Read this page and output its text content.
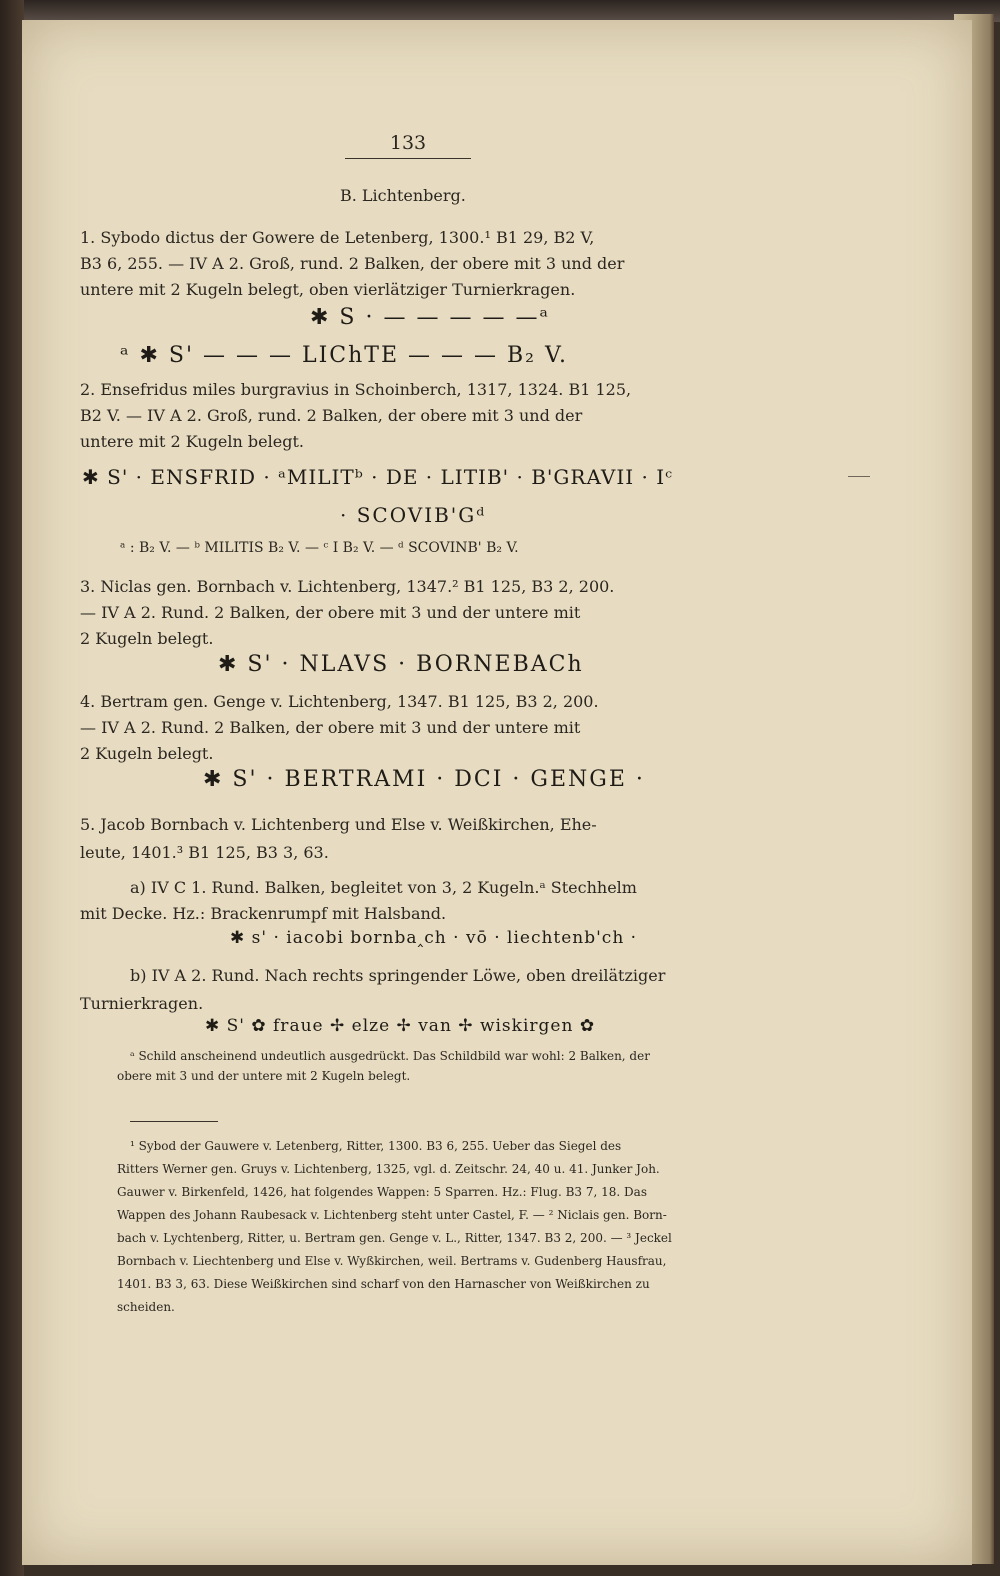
133
B. Lichtenberg.
1. Sybodo dictus der Gowere de Letenberg, 1300.¹ B1 29, B2 V,
B3 6, 255. — IV A 2. Groß, rund. 2 Balken, der obere mit 3 und der
untere mit 2 Kugeln belegt, oben vierlätziger Turnierkragen.
✱ S · — — — — —ᵃ
ᵃ ✱ S' — — — LIChTE — — — B₂ V.
2. Ensefridus miles burgravius in Schoinberch, 1317, 1324. B1 125,
B2 V. — IV A 2. Groß, rund. 2 Balken, der obere mit 3 und der
untere mit 2 Kugeln belegt.
✱ S' · ENSFRID · ᵃMILITᵇ · DE · LITIB' · B'GRAVII · Iᶜ
· SCOVIB'Gᵈ
ᵃ : B₂ V. — ᵇ MILITIS B₂ V. — ᶜ I B₂ V. — ᵈ SCOVINB' B₂ V.
3. Niclas gen. Bornbach v. Lichtenberg, 1347.² B1 125, B3 2, 200.
— IV A 2. Rund. 2 Balken, der obere mit 3 und der untere mit
2 Kugeln belegt.
✱ S' · NLAVS · BORNEBACh
4. Bertram gen. Genge v. Lichtenberg, 1347. B1 125, B3 2, 200.
— IV A 2. Rund. 2 Balken, der obere mit 3 und der untere mit
2 Kugeln belegt.
✱ S' · BERTRAMI · DCI · GENGE ·
5. Jacob Bornbach v. Lichtenberg und Else v. Weißkirchen, Ehe-
leute, 1401.³ B1 125, B3 3, 63.
a) IV C 1. Rund. Balken, begleitet von 3, 2 Kugeln.ᵃ Stechhelm
mit Decke. Hz.: Brackenrumpf mit Halsband.
✱ s' · iacobi bornba‸ch · vō · liechtenb'ch ·
b) IV A 2. Rund. Nach rechts springender Löwe, oben dreilätziger
Turnierkragen.
✱ S' ✿ fraue ✢ elze ✢ van ✢ wiskirgen ✿
ᵃ Schild anscheinend undeutlich ausgedrückt. Das Schildbild war wohl: 2 Balken, der
obere mit 3 und der untere mit 2 Kugeln belegt.
¹ Sybod der Gauwere v. Letenberg, Ritter, 1300. B3 6, 255. Ueber das Siegel des
Ritters Werner gen. Gruys v. Lichtenberg, 1325, vgl. d. Zeitschr. 24, 40 u. 41. Junker Joh.
Gauwer v. Birkenfeld, 1426, hat folgendes Wappen: 5 Sparren. Hz.: Flug. B3 7, 18. Das
Wappen des Johann Raubesack v. Lichtenberg steht unter Castel, F. — ² Niclais gen. Born-
bach v. Lychtenberg, Ritter, u. Bertram gen. Genge v. L., Ritter, 1347. B3 2, 200. — ³ Jeckel
Bornbach v. Liechtenberg und Else v. Wyßkirchen, weil. Bertrams v. Gudenberg Hausfrau,
1401. B3 3, 63. Diese Weißkirchen sind scharf von den Harnascher von Weißkirchen zu
scheiden.
